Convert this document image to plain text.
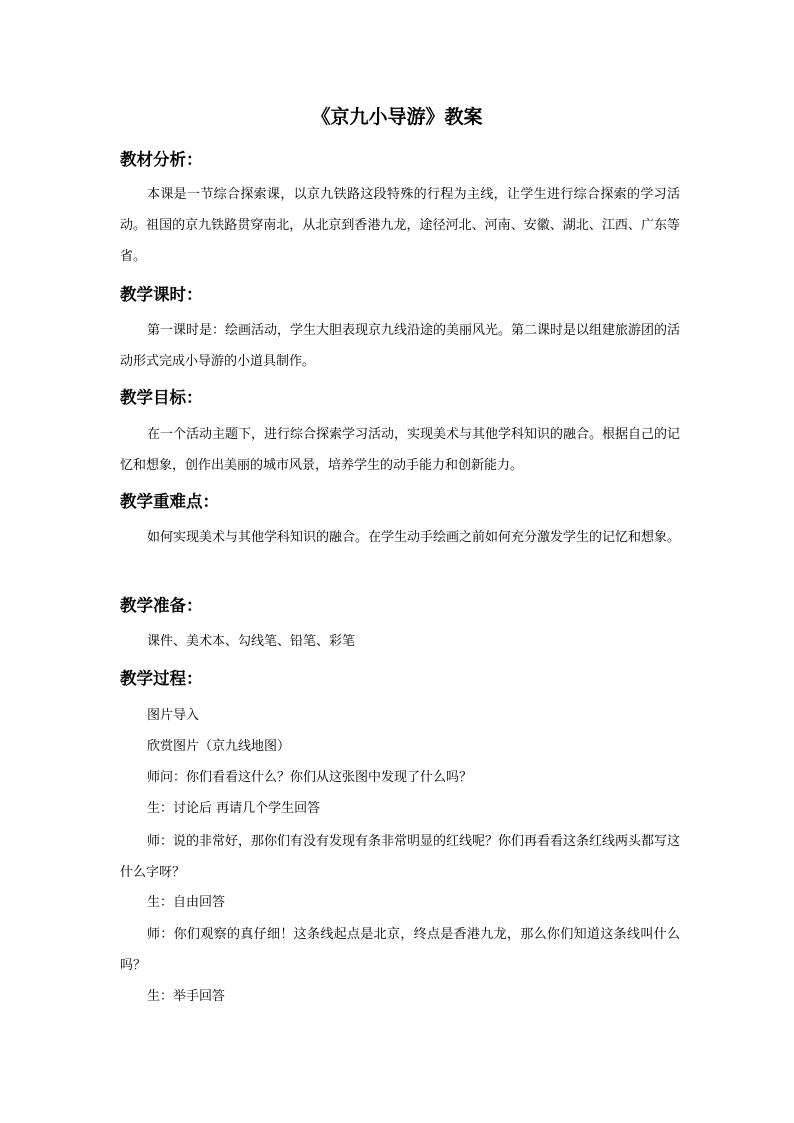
《京九小导游》教案
教材分析：
本课是一节综合探索课，以京九铁路这段特殊的行程为主线，让学生进行综合探索的学习活动。祖国的京九铁路贯穿南北，从北京到香港九龙，途径河北、河南、安徽、湖北、江西、广东等省。
教学课时：
第一课时是：绘画活动，学生大胆表现京九线沿途的美丽风光。第二课时是以组建旅游团的活动形式完成小导游的小道具制作。
教学目标：
在一个活动主题下，进行综合探索学习活动，实现美术与其他学科知识的融合。根据自己的记忆和想象，创作出美丽的城市风景，培养学生的动手能力和创新能力。
教学重难点：
如何实现美术与其他学科知识的融合。在学生动手绘画之前如何充分激发学生的记忆和想象。
教学准备：
课件、美术本、勾线笔、铅笔、彩笔
教学过程：
图片导入
欣赏图片（京九线地图）
师问：你们看看这什么？你们从这张图中发现了什么吗？
生：讨论后 再请几个学生回答
师：说的非常好，那你们有没有发现有条非常明显的红线呢？你们再看看这条红线两头都写这什么字呀？
生：自由回答
师：你们观察的真仔细！这条线起点是北京，终点是香港九龙，那么你们知道这条线叫什么吗？
生：举手回答
